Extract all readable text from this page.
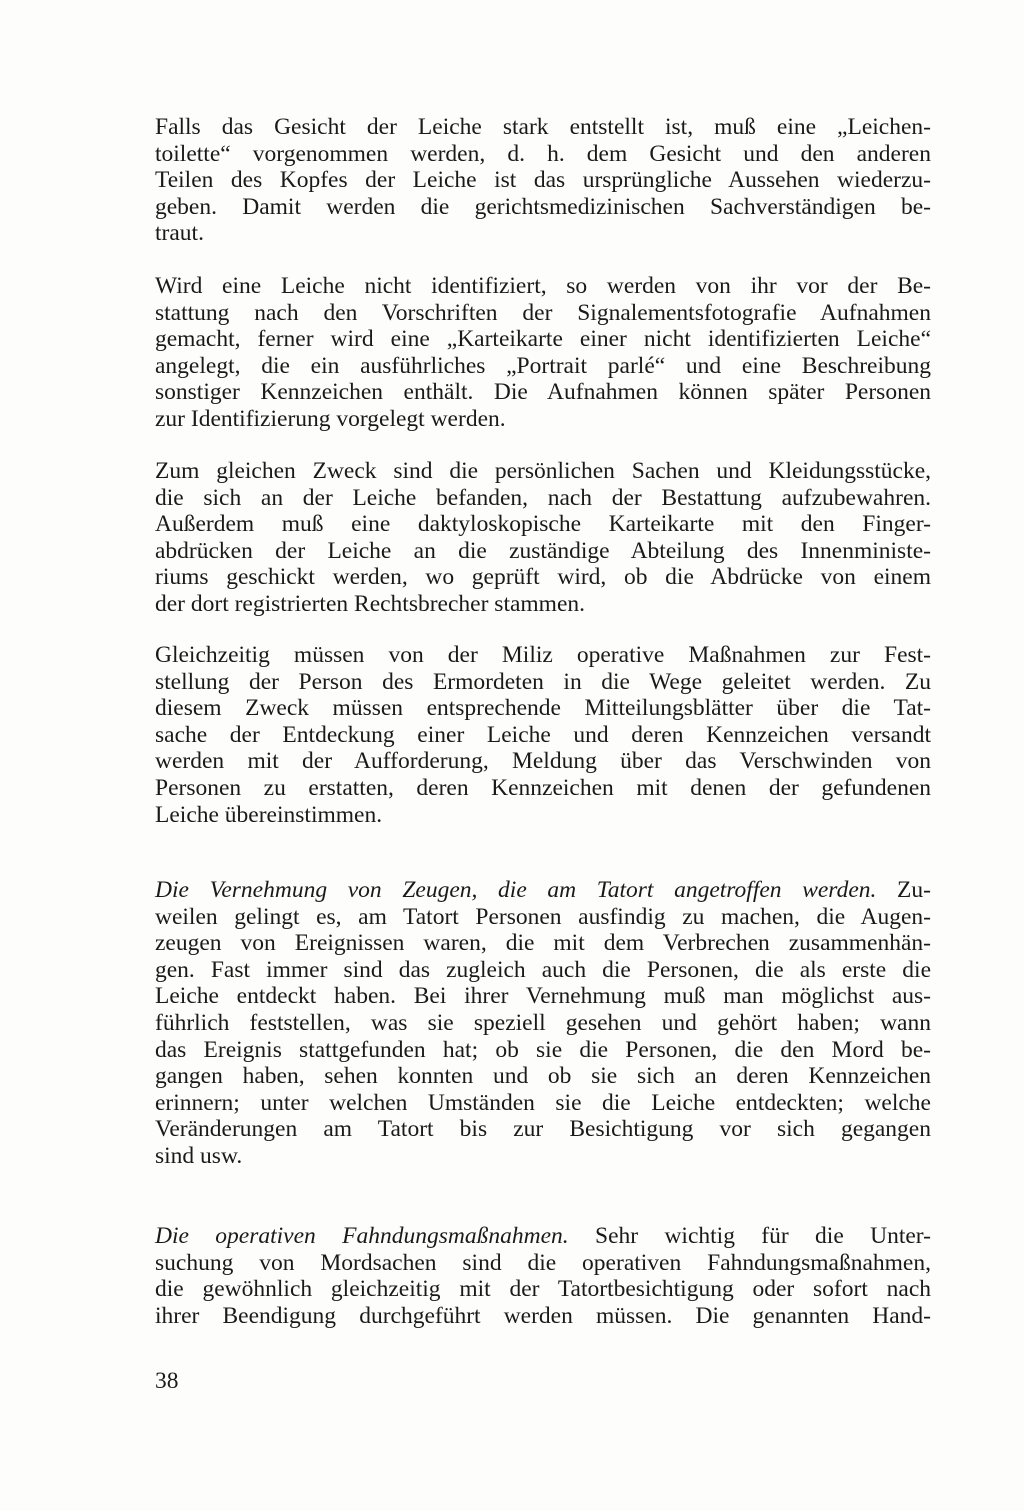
Falls das Gesicht der Leiche stark entstellt ist, muß eine „Leichen-
toilette“ vorgenommen werden, d. h. dem Gesicht und den anderen
Teilen des Kopfes der Leiche ist das ursprüngliche Aussehen wiederzu-
geben. Damit werden die gerichtsmedizinischen Sachverständigen be-
traut.
Wird eine Leiche nicht identifiziert, so werden von ihr vor der Be-
stattung nach den Vorschriften der Signalementsfotografie Aufnahmen
gemacht, ferner wird eine „Karteikarte einer nicht identifizierten Leiche“
angelegt, die ein ausführliches „Portrait parlé“ und eine Beschreibung
sonstiger Kennzeichen enthält. Die Aufnahmen können später Personen
zur Identifizierung vorgelegt werden.
Zum gleichen Zweck sind die persönlichen Sachen und Kleidungsstücke,
die sich an der Leiche befanden, nach der Bestattung aufzubewahren.
Außerdem muß eine daktyloskopische Karteikarte mit den Finger-
abdrücken der Leiche an die zuständige Abteilung des Innenministe-
riums geschickt werden, wo geprüft wird, ob die Abdrücke von einem
der dort registrierten Rechtsbrecher stammen.
Gleichzeitig müssen von der Miliz operative Maßnahmen zur Fest-
stellung der Person des Ermordeten in die Wege geleitet werden. Zu
diesem Zweck müssen entsprechende Mitteilungsblätter über die Tat-
sache der Entdeckung einer Leiche und deren Kennzeichen versandt
werden mit der Aufforderung, Meldung über das Verschwinden von
Personen zu erstatten, deren Kennzeichen mit denen der gefundenen
Leiche übereinstimmen.
Die Vernehmung von Zeugen, die am Tatort angetroffen werden. Zu-
weilen gelingt es, am Tatort Personen ausfindig zu machen, die Augen-
zeugen von Ereignissen waren, die mit dem Verbrechen zusammenhän-
gen. Fast immer sind das zugleich auch die Personen, die als erste die
Leiche entdeckt haben. Bei ihrer Vernehmung muß man möglichst aus-
führlich feststellen, was sie speziell gesehen und gehört haben; wann
das Ereignis stattgefunden hat; ob sie die Personen, die den Mord be-
gangen haben, sehen konnten und ob sie sich an deren Kennzeichen
erinnern; unter welchen Umständen sie die Leiche entdeckten; welche
Veränderungen am Tatort bis zur Besichtigung vor sich gegangen
sind usw.
Die operativen Fahndungsmaßnahmen. Sehr wichtig für die Unter-
suchung von Mordsachen sind die operativen Fahndungsmaßnahmen,
die gewöhnlich gleichzeitig mit der Tatortbesichtigung oder sofort nach
ihrer Beendigung durchgeführt werden müssen. Die genannten Hand-
38
